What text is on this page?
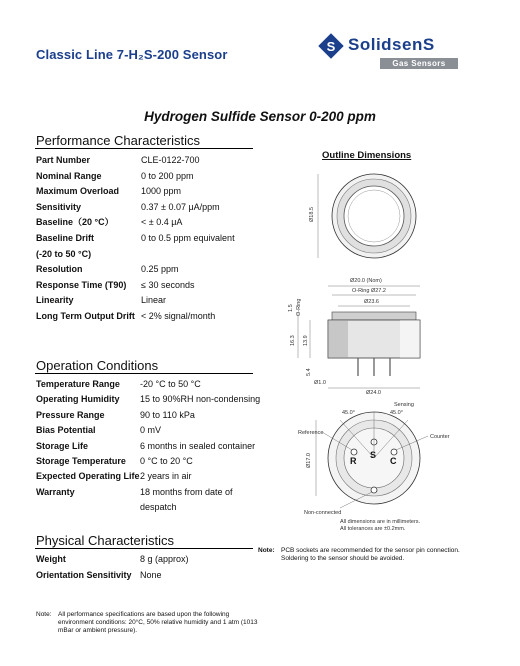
Classic Line 7-H₂S-200 Sensor
S SolidsenS
Gas Sensors
Hydrogen Sulfide Sensor 0-200 ppm
Performance Characteristics
Part Number	CLE-0122-700
Nominal Range	0 to 200 ppm
Maximum Overload 1000 ppm
Sensitivity	0.37 ± 0.07 μA/ppm
Baseline（20 °C）	< ± 0.4 μA
Baseline Drift	0 to 0.5 ppm equivalent
(-20 to 50 °C)
Resolution	0.25 ppm
Response Time (T90) ≤ 30 seconds
Linearity	Linear
Long Term Output Drift < 2% signal/month
Operation Conditions
Temperature Range -20 °C to 50 °C
Operating Humidity 15 to 90%RH non-condensing
Pressure Range	90 to 110 kPa
Bias Potential	0 mV
Storage Life	6 months in sealed container
Storage Temperature 0 °C to 20 °C
Expected Operating Life 2 years in air
Warranty	18 months from date of
despatch
Physical Characteristics
Weight	8 g (approx)
Orientation Sensitivity None
Note: All performance specifications are based upon the following
environment conditions: 20°C, 50% relative humidity and 1 atm (1013
mBar or ambient pressure).
Outline Dimensions
Ø18.5
Ø20.0 (Nom)
O-Ring Ø27.2
Ø23.6
1.5 O-Ring
16.3 13.9
5.4
Ø1.0
Ø24.0
Sensing
45.0°	45.0°
Reference
Counter
R
S
C
Ø17.0
Non-connected
All dimensions are in millimeters.
All tolerances are ±0.2mm.
Note: PCB sockets are recommended for the sensor pin connection.
Soldering to the sensor should be avoided.
